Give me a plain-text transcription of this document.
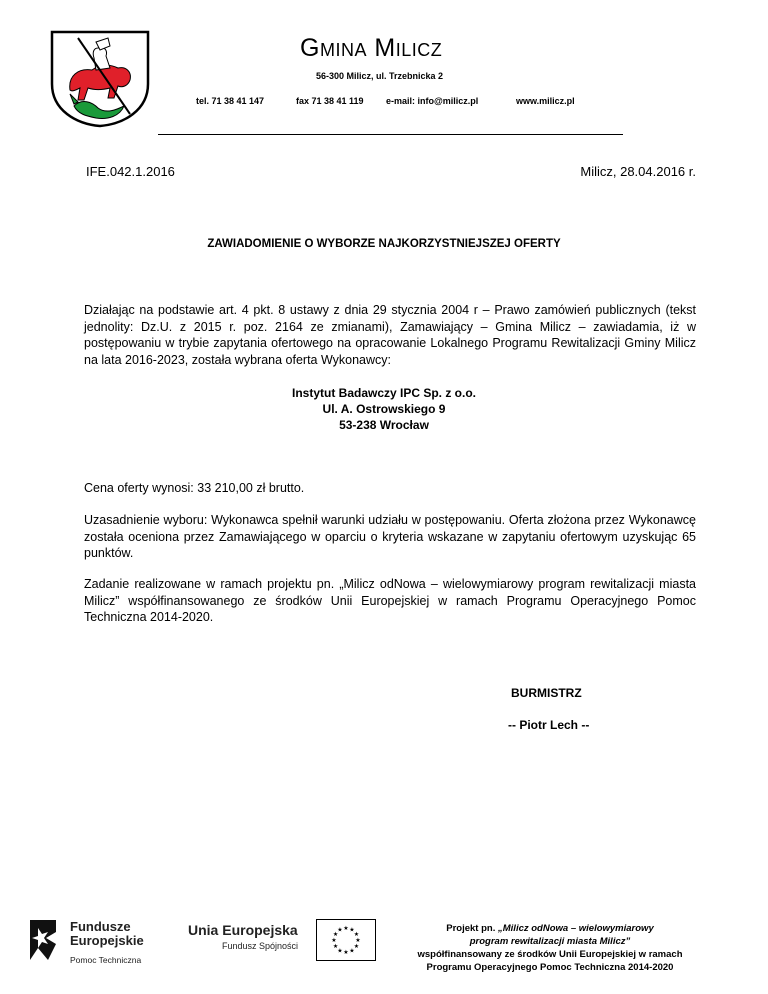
Gmina Milicz
56-300 Milicz, ul. Trzebnicka 2
tel. 71 38 41 147	fax 71 38 41 119 e-mail: info@milicz.pl	www.milicz.pl
IFE.042.1.2016	Milicz, 28.04.2016 r.
ZAWIADOMIENIE O WYBORZE NAJKORZYSTNIEJSZEJ OFERTY
Działając na podstawie art. 4 pkt. 8 ustawy z dnia 29 stycznia 2004 r – Prawo zamówień publicznych (tekst jednolity: Dz.U. z 2015 r. poz. 2164 ze zmianami), Zamawiający – Gmina Milicz – zawiadamia, iż w postępowaniu w trybie zapytania ofertowego na opracowanie Lokalnego Programu Rewitalizacji Gminy Milicz na lata 2016-2023, została wybrana oferta Wykonawcy:
Instytut Badawczy IPC Sp. z o.o.
Ul. A. Ostrowskiego 9
53-238 Wrocław
Cena oferty wynosi: 33 210,00 zł brutto.
Uzasadnienie wyboru: Wykonawca spełnił warunki udziału w postępowaniu. Oferta złożona przez Wykonawcę została oceniona przez Zamawiającego w oparciu o kryteria wskazane w zapytaniu ofertowym uzyskując 65 punktów.
Zadanie realizowane w ramach projektu pn. „Milicz odNowa – wielowymiarowy program rewitalizacji miasta Milicz” współfinansowanego ze środków Unii Europejskiej w ramach Programu Operacyjnego Pomoc Techniczna 2014-2020.
BURMISTRZ
-- Piotr Lech --
Fundusze
Europejskie
Pomoc Techniczna
Unia Europejska
Fundusz Spójności	★
★
★
★
★
★
★
★
★ ★ ★
★
Projekt pn. „Milicz odNowa – wielowymiarowy
program rewitalizacji miasta Milicz”
współfinansowany ze środków Unii Europejskiej w ramach
Programu Operacyjnego Pomoc Techniczna 2014-2020
